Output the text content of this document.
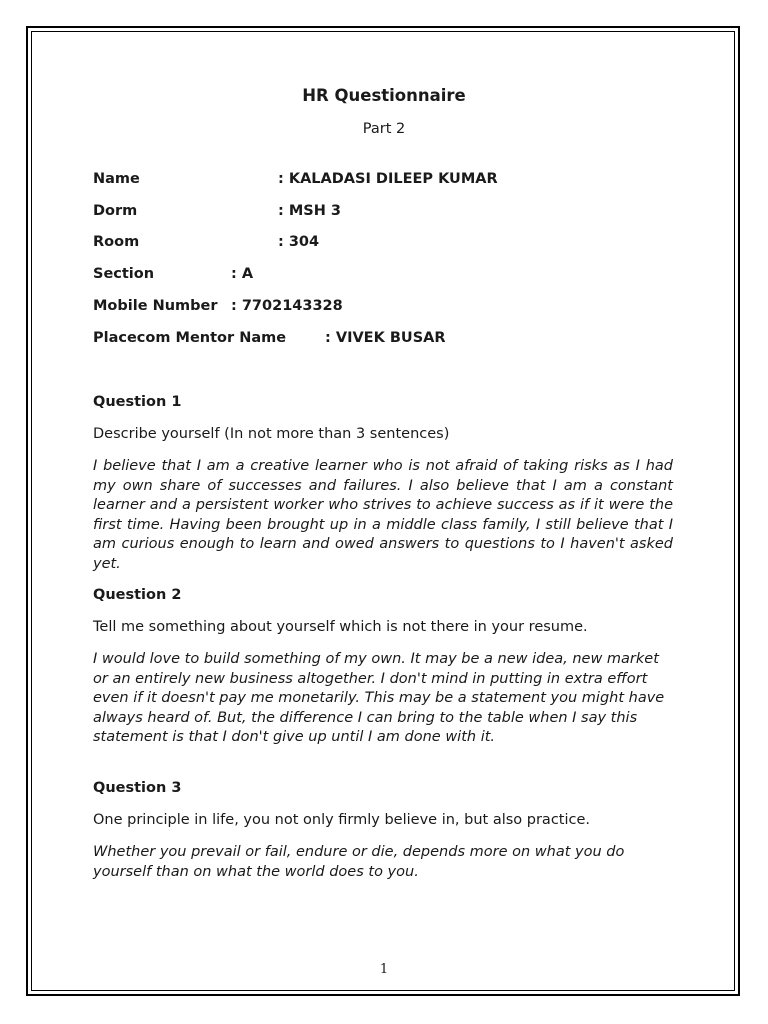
HR Questionnaire
Part 2
Name	: KALADASI DILEEP KUMAR
Dorm	: MSH 3
Room	: 304
Section	: A
Mobile Number : 7702143328
Placecom Mentor Name	: VIVEK BUSAR
Question 1
Describe yourself (In not more than 3 sentences)
I believe that I am a creative learner who is not afraid of taking risks as I had my own share of successes and failures. I also believe that I am a constant learner and a persistent worker who strives to achieve success as if it were the first time. Having been brought up in a middle class family, I still believe that I am curious enough to learn and owed answers to questions to I haven't asked yet.
Question 2
Tell me something about yourself which is not there in your resume.
I would love to build something of my own. It may be a new idea, new market or an entirely new business altogether. I don't mind in putting in extra effort even if it doesn't pay me monetarily. This may be a statement you might have always heard of. But, the difference I can bring to the table when I say this statement is that I don't give up until I am done with it.
Question 3
One principle in life, you not only firmly believe in, but also practice.
Whether you prevail or fail, endure or die, depends more on what you do yourself than on what the world does to you.
1
